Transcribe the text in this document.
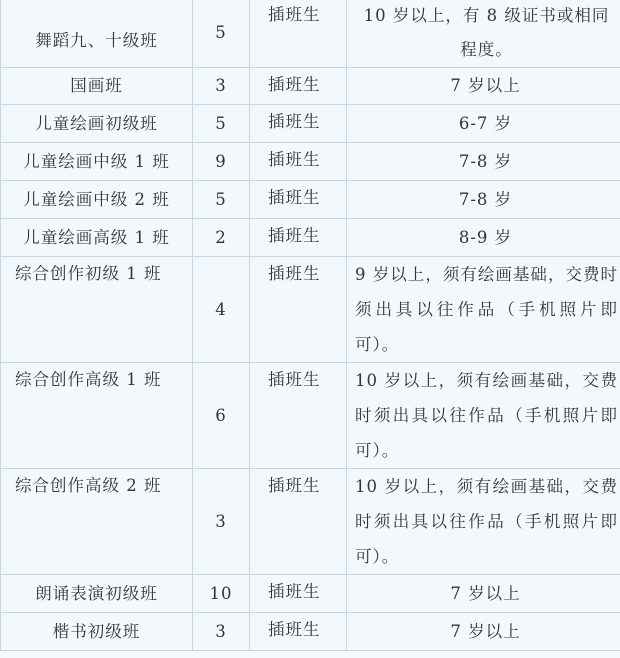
舞蹈九、十级班	5	插班生	10 岁以上，有 8 级证书或相同程度。
国画班	3	插班生	7 岁以上
儿童绘画初级班	5	插班生	6-7 岁
儿童绘画中级 1 班	9	插班生	7-8 岁
儿童绘画中级 2 班	5	插班生	7-8 岁
儿童绘画高级 1 班	2	插班生	8-9 岁
综合创作初级 1 班	4	插班生	9 岁以上，须有绘画基础，交费时须出具以往作品（手机照片即可）。
综合创作高级 1 班	6	插班生	10 岁以上，须有绘画基础，交费时须出具以往作品（手机照片即可）。
综合创作高级 2 班	3	插班生	10 岁以上，须有绘画基础，交费时须出具以往作品（手机照片即可）。
朗诵表演初级班	10	插班生	7 岁以上
楷书初级班	3	插班生	7 岁以上
